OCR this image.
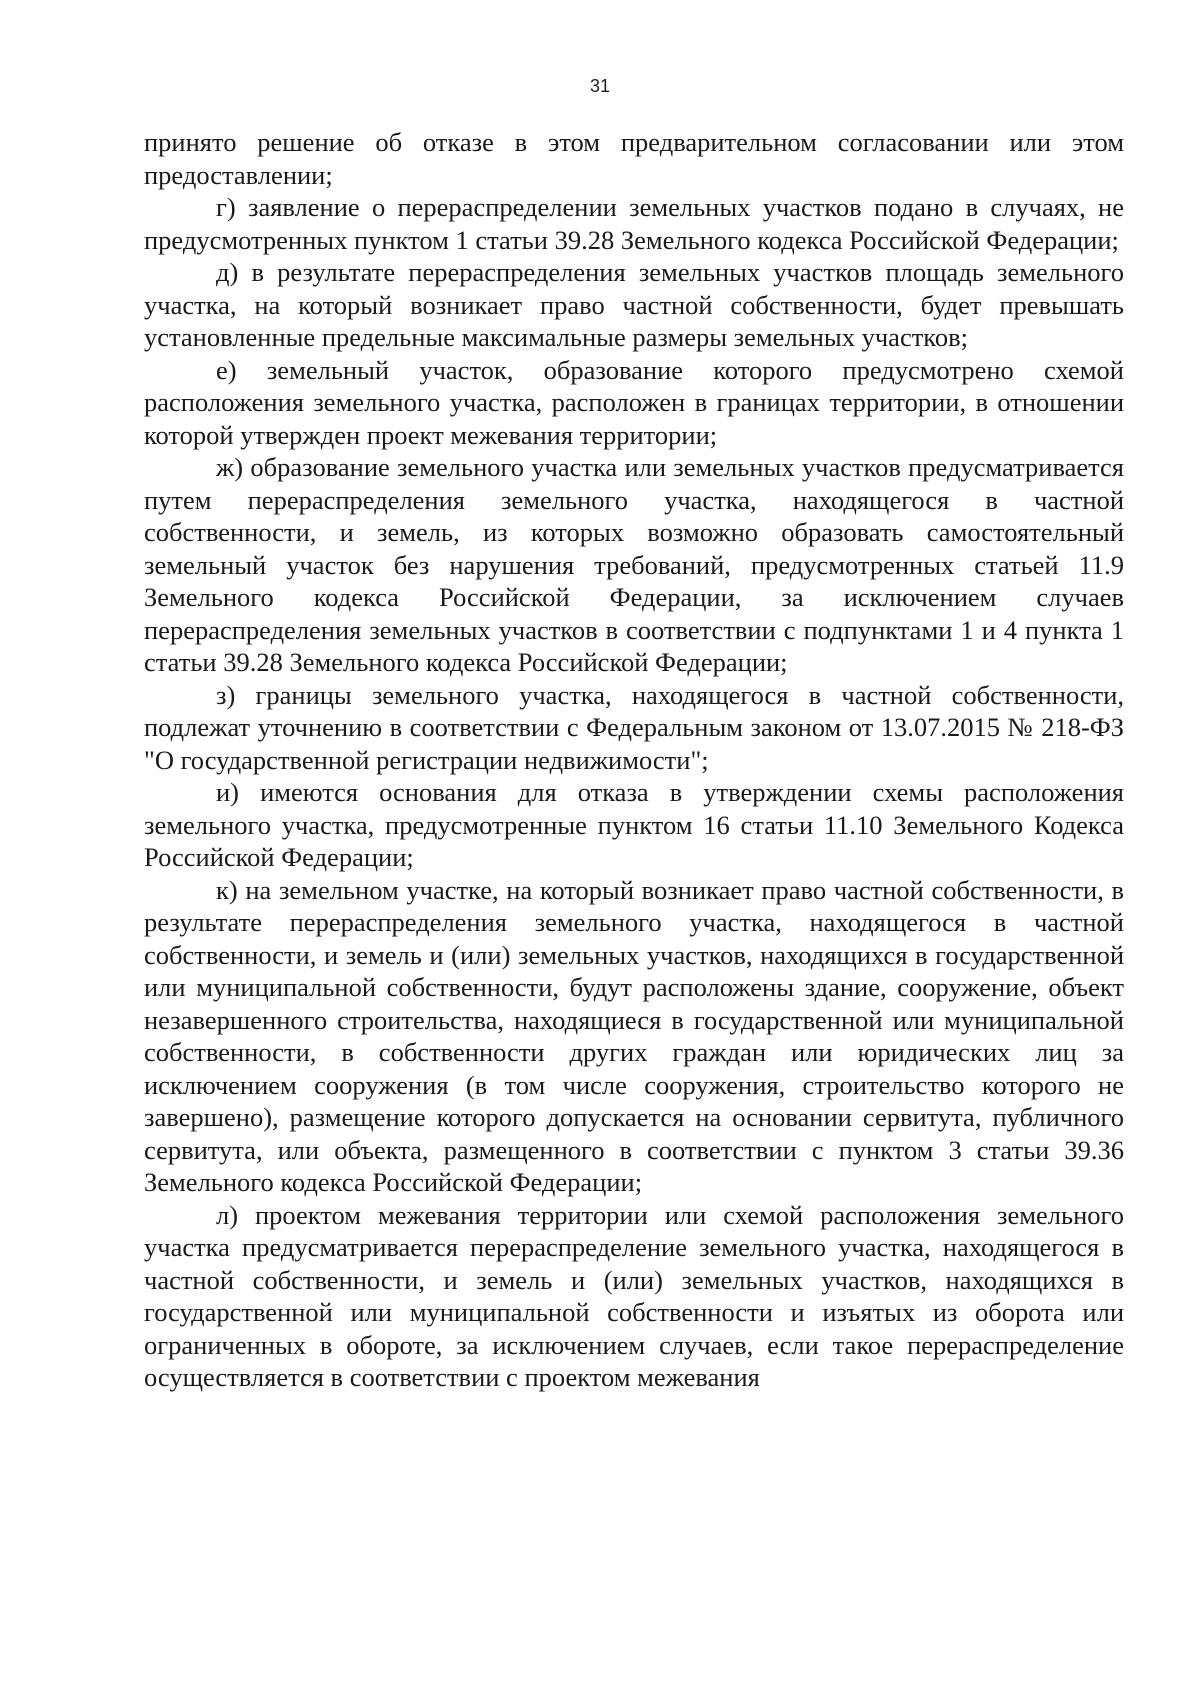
31

принято решение об отказе в этом предварительном согласовании или этом предоставлении;

г) заявление о перераспределении земельных участков подано в случаях, не предусмотренных пунктом 1 статьи 39.28 Земельного кодекса Российской Федерации;

д) в результате перераспределения земельных участков площадь земельного участка, на который возникает право частной собственности, будет превышать установленные предельные максимальные размеры земельных участков;

е) земельный участок, образование которого предусмотрено схемой расположения земельного участка, расположен в границах территории, в отношении которой утвержден проект межевания территории;

ж) образование земельного участка или земельных участков предусматривается путем перераспределения земельного участка, находящегося в частной собственности, и земель, из которых возможно образовать самостоятельный земельный участок без нарушения требований, предусмотренных статьей 11.9 Земельного кодекса Российской Федерации, за исключением случаев перераспределения земельных участков в соответствии с подпунктами 1 и 4 пункта 1 статьи 39.28 Земельного кодекса Российской Федерации;

з) границы земельного участка, находящегося в частной собственности, подлежат уточнению в соответствии с Федеральным законом от 13.07.2015 № 218-ФЗ "О государственной регистрации недвижимости";

и) имеются основания для отказа в утверждении схемы расположения земельного участка, предусмотренные пунктом 16 статьи 11.10 Земельного Кодекса Российской Федерации;

к) на земельном участке, на который возникает право частной собственности, в результате перераспределения земельного участка, находящегося в частной собственности, и земель и (или) земельных участков, находящихся в государственной или муниципальной собственности, будут расположены здание, сооружение, объект незавершенного строительства, находящиеся в государственной или муниципальной собственности, в собственности других граждан или юридических лиц за исключением сооружения (в том числе сооружения, строительство которого не завершено), размещение которого допускается на основании сервитута, публичного сервитута, или объекта, размещенного в соответствии с пунктом 3 статьи 39.36 Земельного кодекса Российской Федерации;

л) проектом межевания территории или схемой расположения земельного участка предусматривается перераспределение земельного участка, находящегося в частной собственности, и земель и (или) земельных участков, находящихся в государственной или муниципальной собственности и изъятых из оборота или ограниченных в обороте, за исключением случаев, если такое перераспределение осуществляется в соответствии с проектом межевания
